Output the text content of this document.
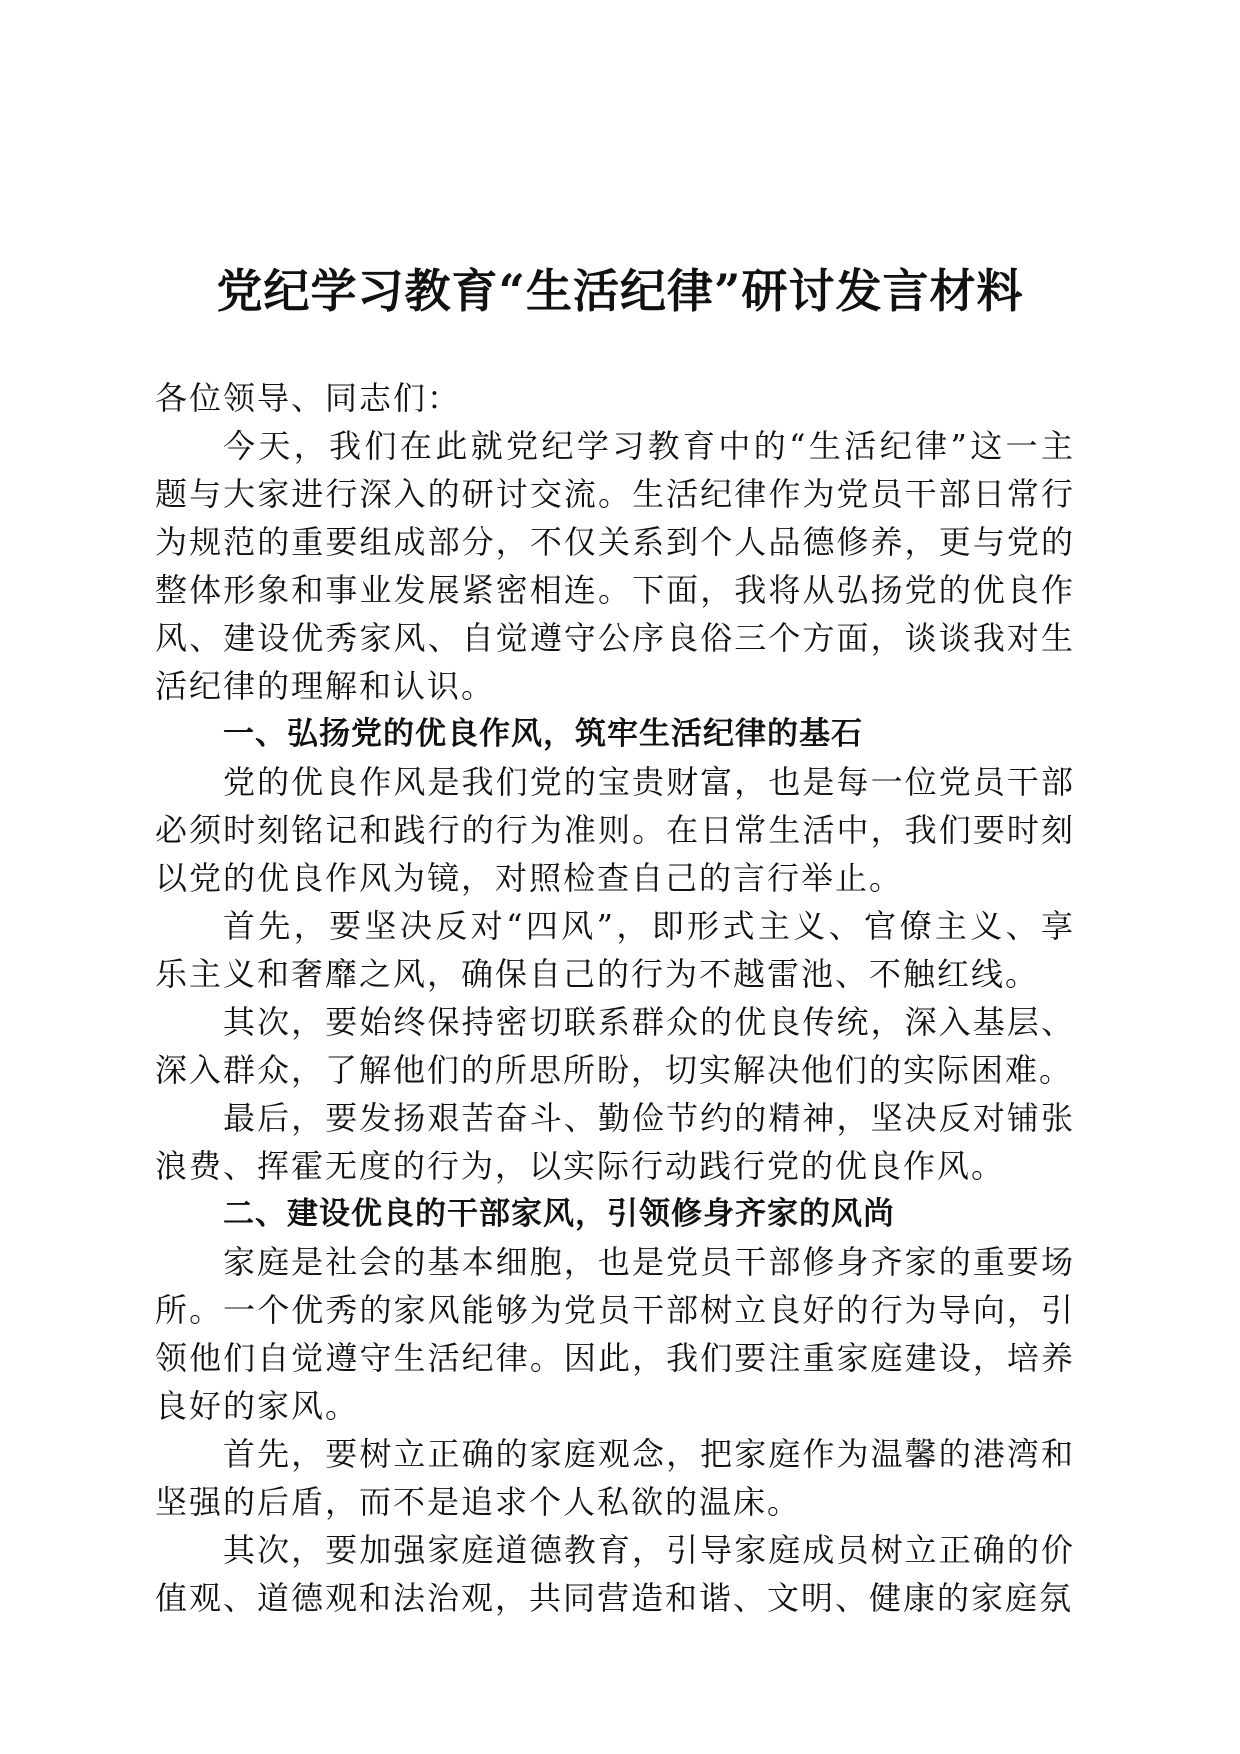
党纪学习教育“生活纪律”研讨发言材料

各位领导、同志们：

今天，我们在此就党纪学习教育中的“生活纪律”这一主题与大家进行深入的研讨交流。生活纪律作为党员干部日常行为规范的重要组成部分，不仅关系到个人品德修养，更与党的整体形象和事业发展紧密相连。下面，我将从弘扬党的优良作风、建设优秀家风、自觉遵守公序良俗三个方面，谈谈我对生活纪律的理解和认识。

一、弘扬党的优良作风，筑牢生活纪律的基石

党的优良作风是我们党的宝贵财富，也是每一位党员干部必须时刻铭记和践行的行为准则。在日常生活中，我们要时刻以党的优良作风为镜，对照检查自己的言行举止。

首先，要坚决反对“四风”，即形式主义、官僚主义、享乐主义和奢靡之风，确保自己的行为不越雷池、不触红线。

其次，要始终保持密切联系群众的优良传统，深入基层、深入群众，了解他们的所思所盼，切实解决他们的实际困难。

最后，要发扬艰苦奋斗、勤俭节约的精神，坚决反对铺张浪费、挥霍无度的行为，以实际行动践行党的优良作风。

二、建设优良的干部家风，引领修身齐家的风尚

家庭是社会的基本细胞，也是党员干部修身齐家的重要场所。一个优秀的家风能够为党员干部树立良好的行为导向，引领他们自觉遵守生活纪律。因此，我们要注重家庭建设，培养良好的家风。

首先，要树立正确的家庭观念，把家庭作为温馨的港湾和坚强的后盾，而不是追求个人私欲的温床。

其次，要加强家庭道德教育，引导家庭成员树立正确的价值观、道德观和法治观，共同营造和谐、文明、健康的家庭氛
